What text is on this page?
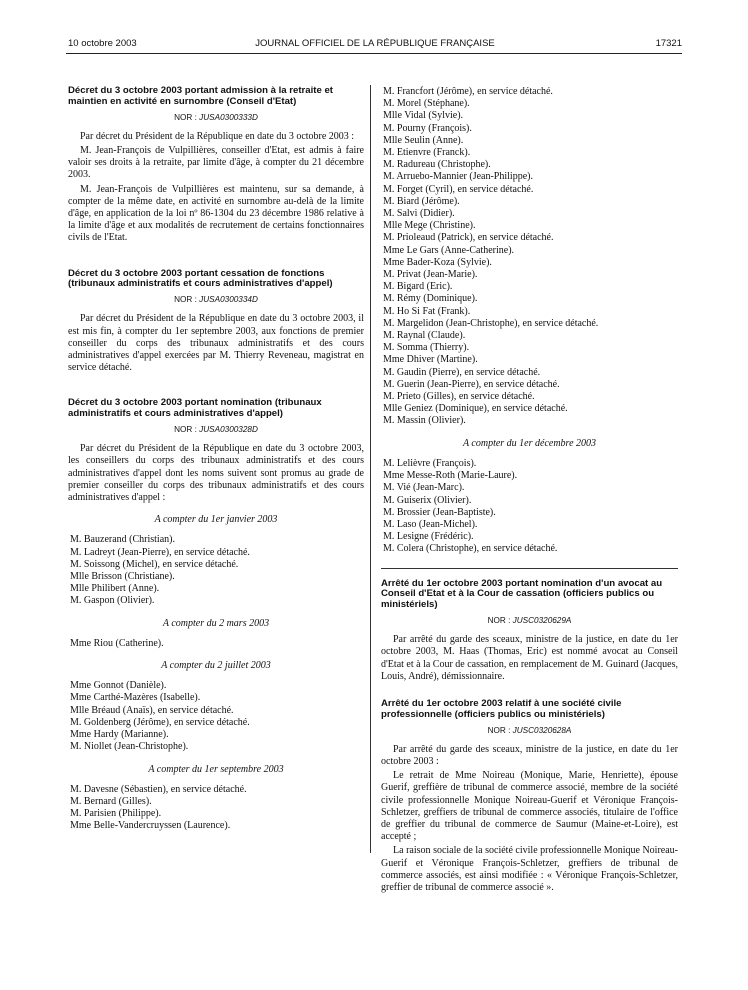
10 octobre 2003	JOURNAL OFFICIEL DE LA RÉPUBLIQUE FRANÇAISE	17321
Décret du 3 octobre 2003 portant admission à la retraite et maintien en activité en surnombre (Conseil d'Etat)
NOR : JUSA0300333D

Par décret du Président de la République en date du 3 octobre 2003 :

M. Jean-François de Vulpillières, conseiller d'Etat, est admis à faire valoir ses droits à la retraite, par limite d'âge, à compter du 21 décembre 2003.

M. Jean-François de Vulpillières est maintenu, sur sa demande, à compter de la même date, en activité en surnombre au-delà de la limite d'âge, en application de la loi nº 86-1304 du 23 décembre 1986 relative à la limite d'âge et aux modalités de recrutement de certains fonctionnaires civils de l'Etat.

Décret du 3 octobre 2003 portant cessation de fonctions (tribunaux administratifs et cours administratives d'appel)
NOR : JUSA0300334D

Par décret du Président de la République en date du 3 octobre 2003, il est mis fin, à compter du 1er septembre 2003, aux fonctions de premier conseiller du corps des tribunaux administratifs et des cours administratives d'appel exercées par M. Thierry Reveneau, magistrat en service détaché.

Décret du 3 octobre 2003 portant nomination (tribunaux administratifs et cours administratives d'appel)
NOR : JUSA0300328D

Par décret du Président de la République en date du 3 octobre 2003, les conseillers du corps des tribunaux administratifs et des cours administratives d'appel dont les noms suivent sont promus au grade de premier conseiller du corps des tribunaux administratifs et des cours administratives d'appel :

A compter du 1er janvier 2003
M. Bauzerand (Christian).
M. Ladreyt (Jean-Pierre), en service détaché.
M. Soissong (Michel), en service détaché.
Mlle Brisson (Christiane).
Mlle Philibert (Anne).
M. Gaspon (Olivier).
A compter du 2 mars 2003
Mme Riou (Catherine).
A compter du 2 juillet 2003
Mme Gonnot (Danièle).
Mme Carthé-Mazères (Isabelle).
Mlle Bréaud (Anaïs), en service détaché.
M. Goldenberg (Jérôme), en service détaché.
Mme Hardy (Marianne).
M. Niollet (Jean-Christophe).
A compter du 1er septembre 2003
M. Davesne (Sébastien), en service détaché.
M. Bernard (Gilles).
M. Parisien (Philippe).
Mme Belle-Vandercruyssen (Laurence).
M. Francfort (Jérôme), en service détaché.
M. Morel (Stéphane).
Mlle Vidal (Sylvie).
M. Pourny (François).
Mlle Seulin (Anne).
M. Etienvre (Franck).
M. Radureau (Christophe).
M. Arruebo-Mannier (Jean-Philippe).
M. Forget (Cyril), en service détaché.
M. Biard (Jérôme).
M. Salvi (Didier).
Mlle Mege (Christine).
M. Prioleaud (Patrick), en service détaché.
Mme Le Gars (Anne-Catherine).
Mme Bader-Koza (Sylvie).
M. Privat (Jean-Marie).
M. Bigard (Eric).
M. Rémy (Dominique).
M. Ho Si Fat (Frank).
M. Margelidon (Jean-Christophe), en service détaché.
M. Raynal (Claude).
M. Somma (Thierry).
Mme Dhiver (Martine).
M. Gaudin (Pierre), en service détaché.
M. Guerin (Jean-Pierre), en service détaché.
M. Prieto (Gilles), en service détaché.
Mlle Geniez (Dominique), en service détaché.
M. Massin (Olivier).
A compter du 1er décembre 2003
M. Lelièvre (François).
Mme Messe-Roth (Marie-Laure).
M. Vié (Jean-Marc).
M. Guiserix (Olivier).
M. Brossier (Jean-Baptiste).
M. Laso (Jean-Michel).
M. Lesigne (Frédéric).
M. Colera (Christophe), en service détaché.
Arrêté du 1er octobre 2003 portant nomination d'un avocat au Conseil d'Etat et à la Cour de cassation (officiers publics ou ministériels)
NOR : JUSC0320629A

Par arrêté du garde des sceaux, ministre de la justice, en date du 1er octobre 2003, M. Haas (Thomas, Eric) est nommé avocat au Conseil d'Etat et à la Cour de cassation, en remplacement de M. Guinard (Jacques, Louis, André), démissionnaire.

Arrêté du 1er octobre 2003 relatif à une société civile professionnelle (officiers publics ou ministériels)
NOR : JUSC0320628A

Par arrêté du garde des sceaux, ministre de la justice, en date du 1er octobre 2003 :

Le retrait de Mme Noireau (Monique, Marie, Henriette), épouse Guerif, greffière de tribunal de commerce associé, membre de la société civile professionnelle Monique Noireau-Guerif et Véronique François-Schletzer, greffiers de tribunal de commerce associés, titulaire de l'office de greffier du tribunal de commerce de Saumur (Maine-et-Loire), est accepté ;

La raison sociale de la société civile professionnelle Monique Noireau-Guerif et Véronique François-Schletzer, greffiers de tribunal de commerce associés, est ainsi modifiée : « Véronique François-Schletzer, greffier de tribunal de commerce associé ».
